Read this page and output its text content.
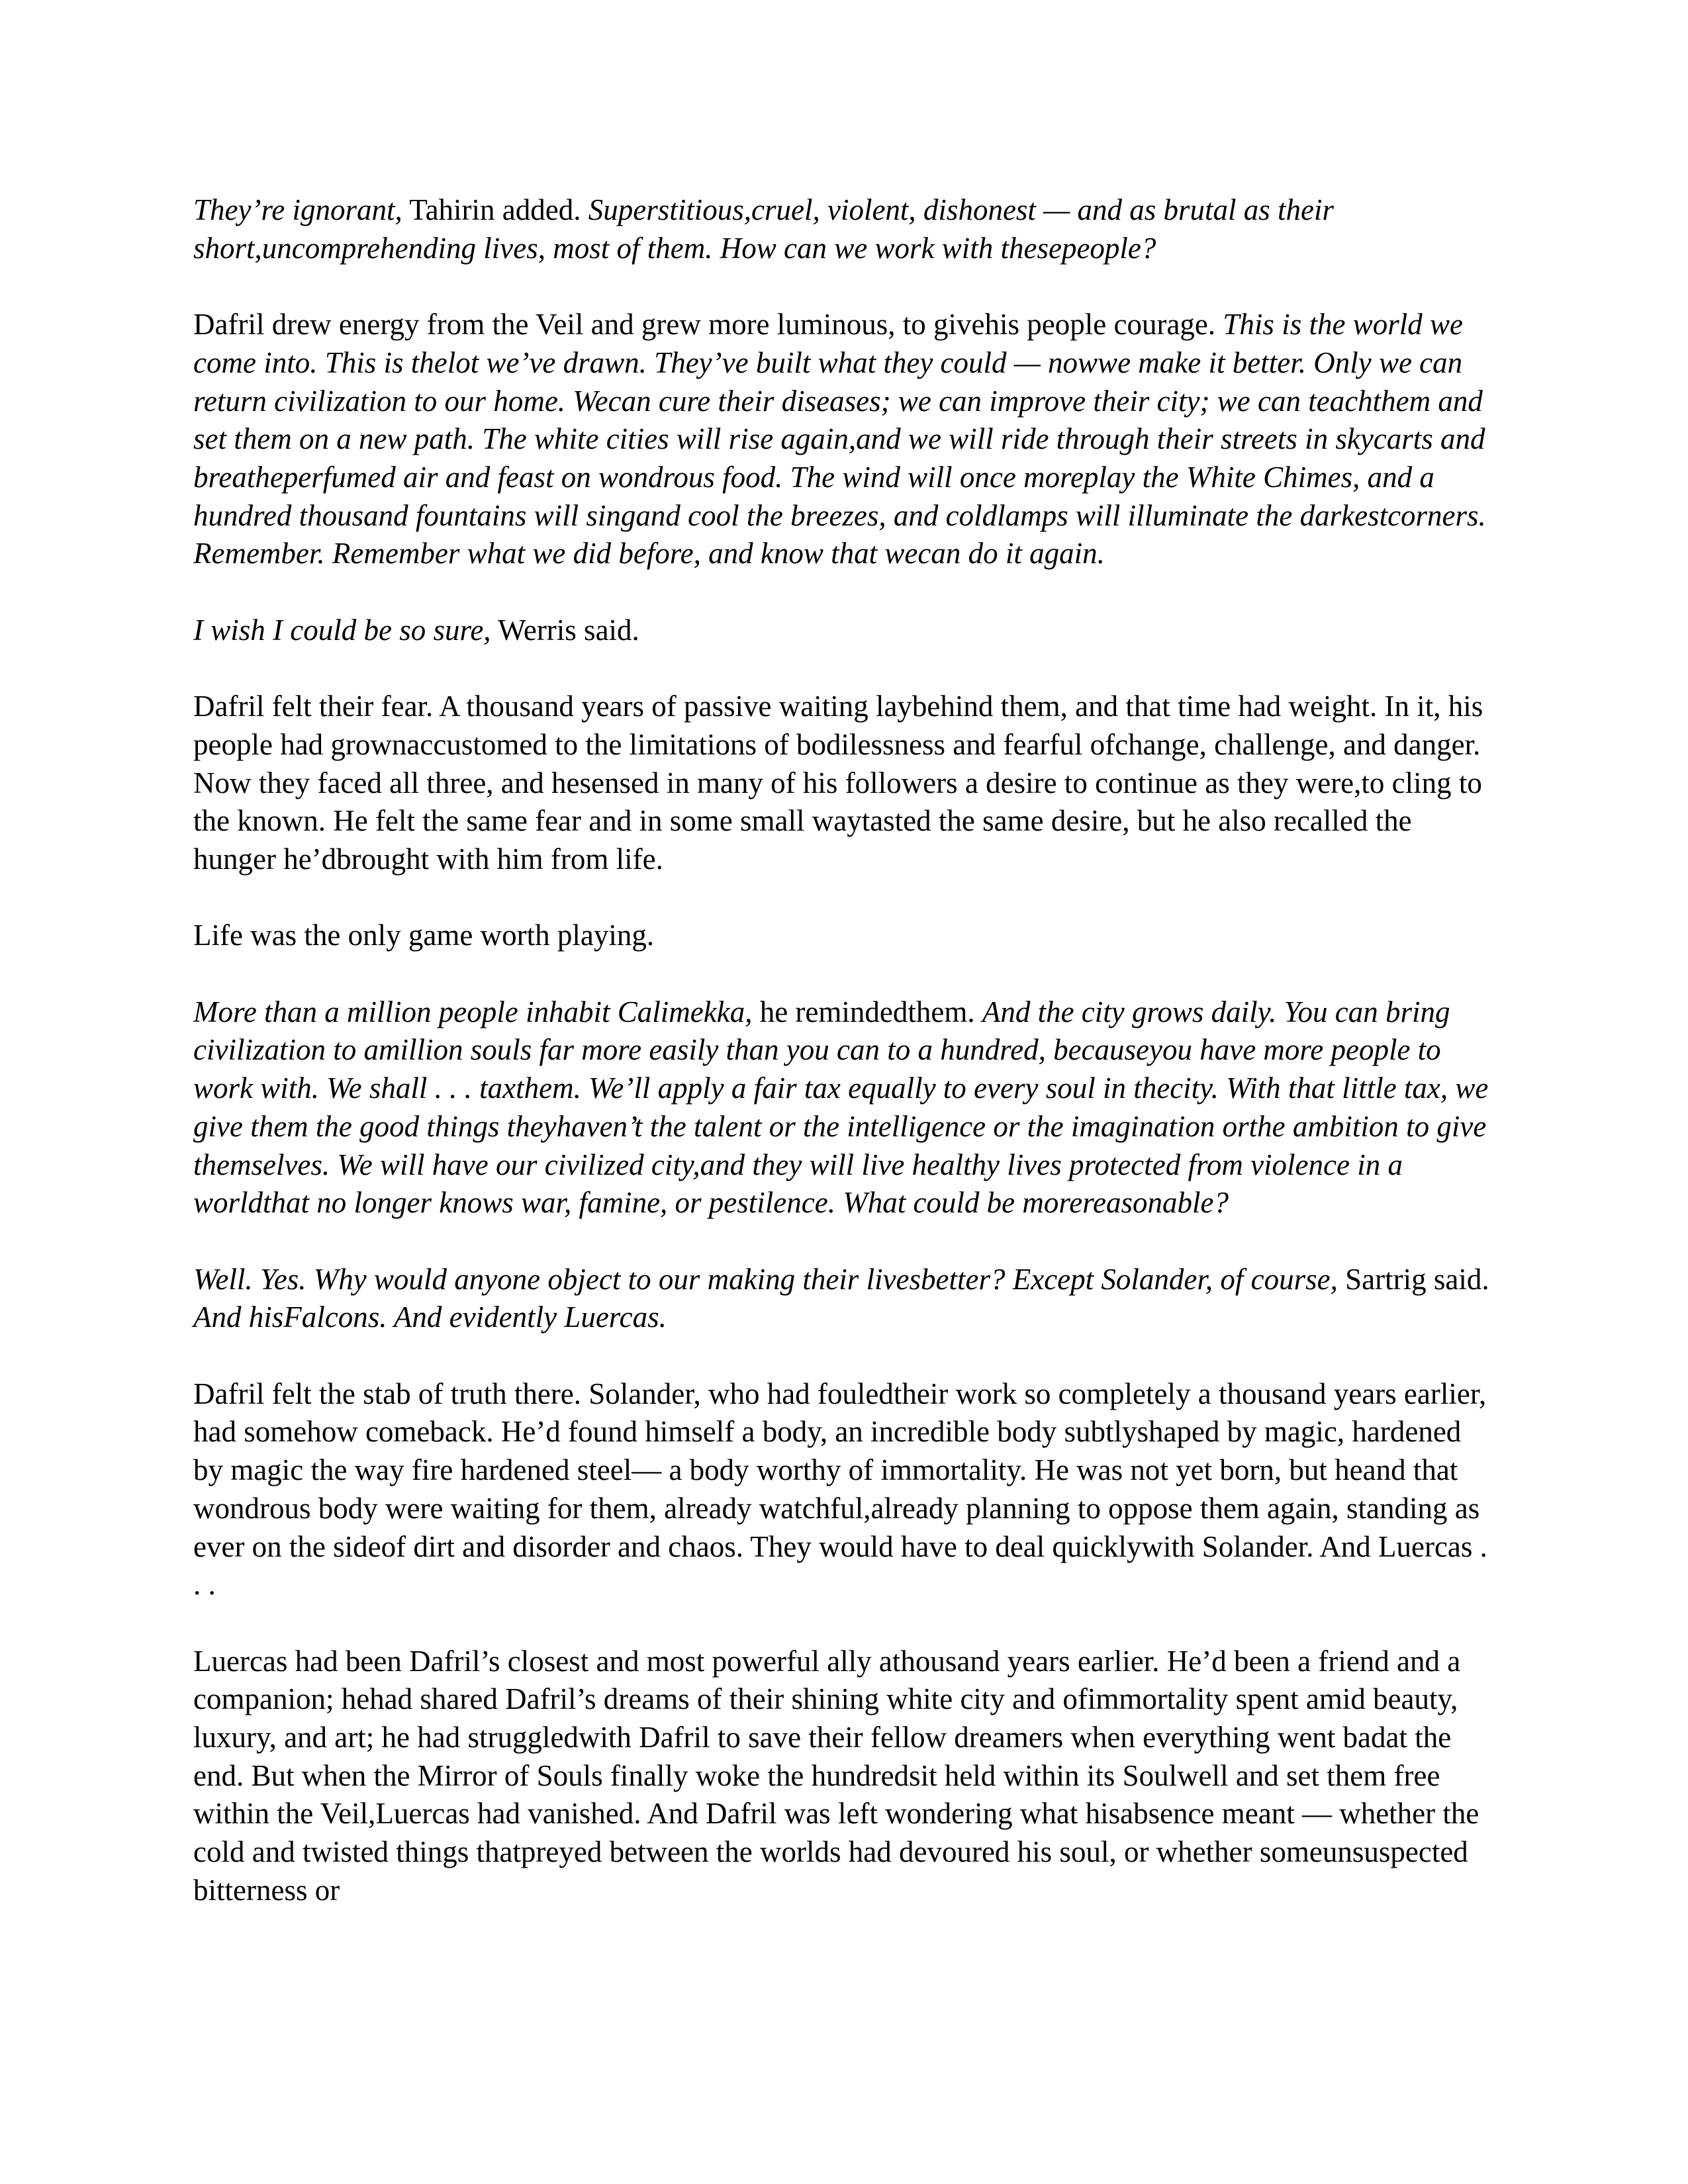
They’re ignorant, Tahirin added. Superstitious,cruel, violent, dishonest — and as brutal as their short,uncomprehending lives, most of them. How can we work with thesepeople?

Dafril drew energy from the Veil and grew more luminous, to givehis people courage. This is the world we come into. This is thelot we’ve drawn. They’ve built what they could — nowwe make it better. Only we can return civilization to our home. Wecan cure their diseases; we can improve their city; we can teachthem and set them on a new path. The white cities will rise again,and we will ride through their streets in skycarts and breatheperfumed air and feast on wondrous food. The wind will once moreplay the White Chimes, and a hundred thousand fountains will singand cool the breezes, and coldlamps will illuminate the darkestcorners. Remember. Remember what we did before, and know that wecan do it again.

I wish I could be so sure, Werris said.

Dafril felt their fear. A thousand years of passive waiting laybehind them, and that time had weight. In it, his people had grownaccustomed to the limitations of bodilessness and fearful ofchange, challenge, and danger. Now they faced all three, and hesensed in many of his followers a desire to continue as they were,to cling to the known. He felt the same fear and in some small waytasted the same desire, but he also recalled the hunger he’dbrought with him from life.

Life was the only game worth playing.

More than a million people inhabit Calimekka, he remindedthem. And the city grows daily. You can bring civilization to amillion souls far more easily than you can to a hundred, becauseyou have more people to work with. We shall . . . taxthem. We’ll apply a fair tax equally to every soul in thecity. With that little tax, we give them the good things theyhaven’t the talent or the intelligence or the imagination orthe ambition to give themselves. We will have our civilized city,and they will live healthy lives protected from violence in a worldthat no longer knows war, famine, or pestilence. What could be morereasonable?

Well. Yes. Why would anyone object to our making their livesbetter? Except Solander, of course, Sartrig said. And hisFalcons. And evidently Luercas.

Dafril felt the stab of truth there. Solander, who had fouledtheir work so completely a thousand years earlier, had somehow comeback. He’d found himself a body, an incredible body subtlyshaped by magic, hardened by magic the way fire hardened steel— a body worthy of immortality. He was not yet born, but heand that wondrous body were waiting for them, already watchful,already planning to oppose them again, standing as ever on the sideof dirt and disorder and chaos. They would have to deal quicklywith Solander. And Luercas . . .

Luercas had been Dafril’s closest and most powerful ally athousand years earlier. He’d been a friend and a companion; hehad shared Dafril’s dreams of their shining white city and ofimmortality spent amid beauty, luxury, and art; he had struggledwith Dafril to save their fellow dreamers when everything went badat the end. But when the Mirror of Souls finally woke the hundredsit held within its Soulwell and set them free within the Veil,Luercas had vanished. And Dafril was left wondering what hisabsence meant — whether the cold and twisted things thatpreyed between the worlds had devoured his soul, or whether someunsuspected bitterness or
